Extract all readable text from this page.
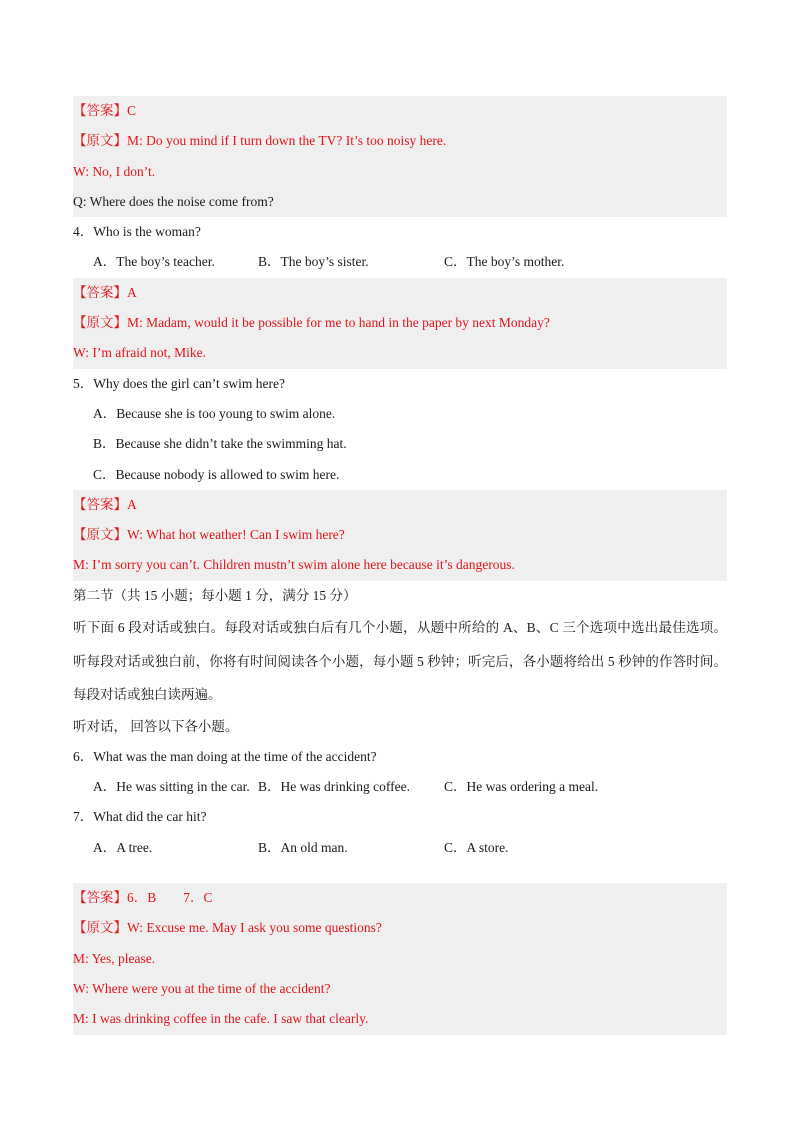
【答案】C
【原文】M: Do you mind if I turn down the TV? It’s too noisy here.
W: No, I don’t.
Q: Where does the noise come from?
4．Who is the woman?
A．The boy’s teacher.	B．The boy’s sister.	C．The boy’s mother.
【答案】A
【原文】M: Madam, would it be possible for me to hand in the paper by next Monday?
W: I’m afraid not, Mike.
5．Why does the girl can’t swim here?
A．Because she is too young to swim alone.
B．Because she didn’t take the swimming hat.
C．Because nobody is allowed to swim here.
【答案】A
【原文】W: What hot weather! Can I swim here?
M: I’m sorry you can’t. Children mustn’t swim alone here because it’s dangerous.
第二节（共 15 小题；每小题 1 分，满分 15 分）
听下面 6 段对话或独白。每段对话或独白后有几个小题，从题中所给的 A、B、C 三个选项中选出最佳选项。听每段对话或独白前，你将有时间阅读各个小题，每小题 5 秒钟；听完后，各小题将给出 5 秒钟的作答时间。每段对话或独白读两遍。
听对话， 回答以下各小题。
6．What was the man doing at the time of the accident?
A．He was sitting in the car. B．He was drinking coffee.	C．He was ordering a meal.
7．What did the car hit?
A．A tree.	B．An old man.	C．A store.
【答案】6．B　　7．C
【原文】W: Excuse me. May I ask you some questions?
M: Yes, please.
W: Where were you at the time of the accident?
M: I was drinking coffee in the cafe. I saw that clearly.
